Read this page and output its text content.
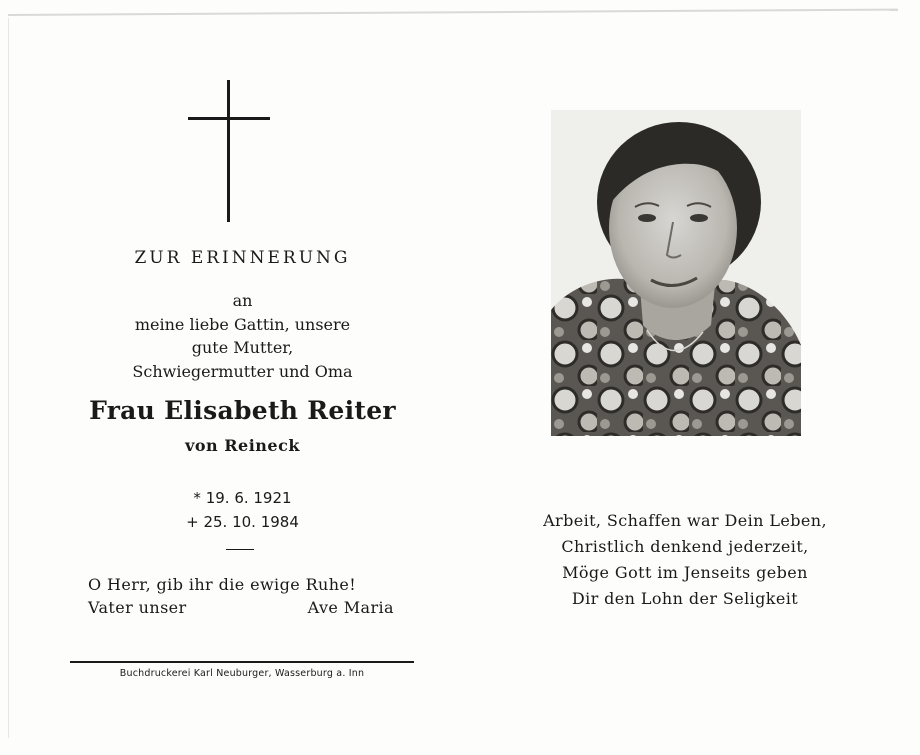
ZUR ERINNERUNG
an
meine liebe Gattin, unsere
gute Mutter,
Schwiegermutter und Oma
Frau Elisabeth Reiter
von Reineck
* 19. 6. 1921
+ 25. 10. 1984
O Herr, gib ihr die ewige Ruhe!
Vater unser	Ave Maria
Buchdruckerei Karl Neuburger, Wasserburg a. Inn
Arbeit, Schaffen war Dein Leben,
Christlich denkend jederzeit,
Möge Gott im Jenseits geben
Dir den Lohn der Seligkeit
